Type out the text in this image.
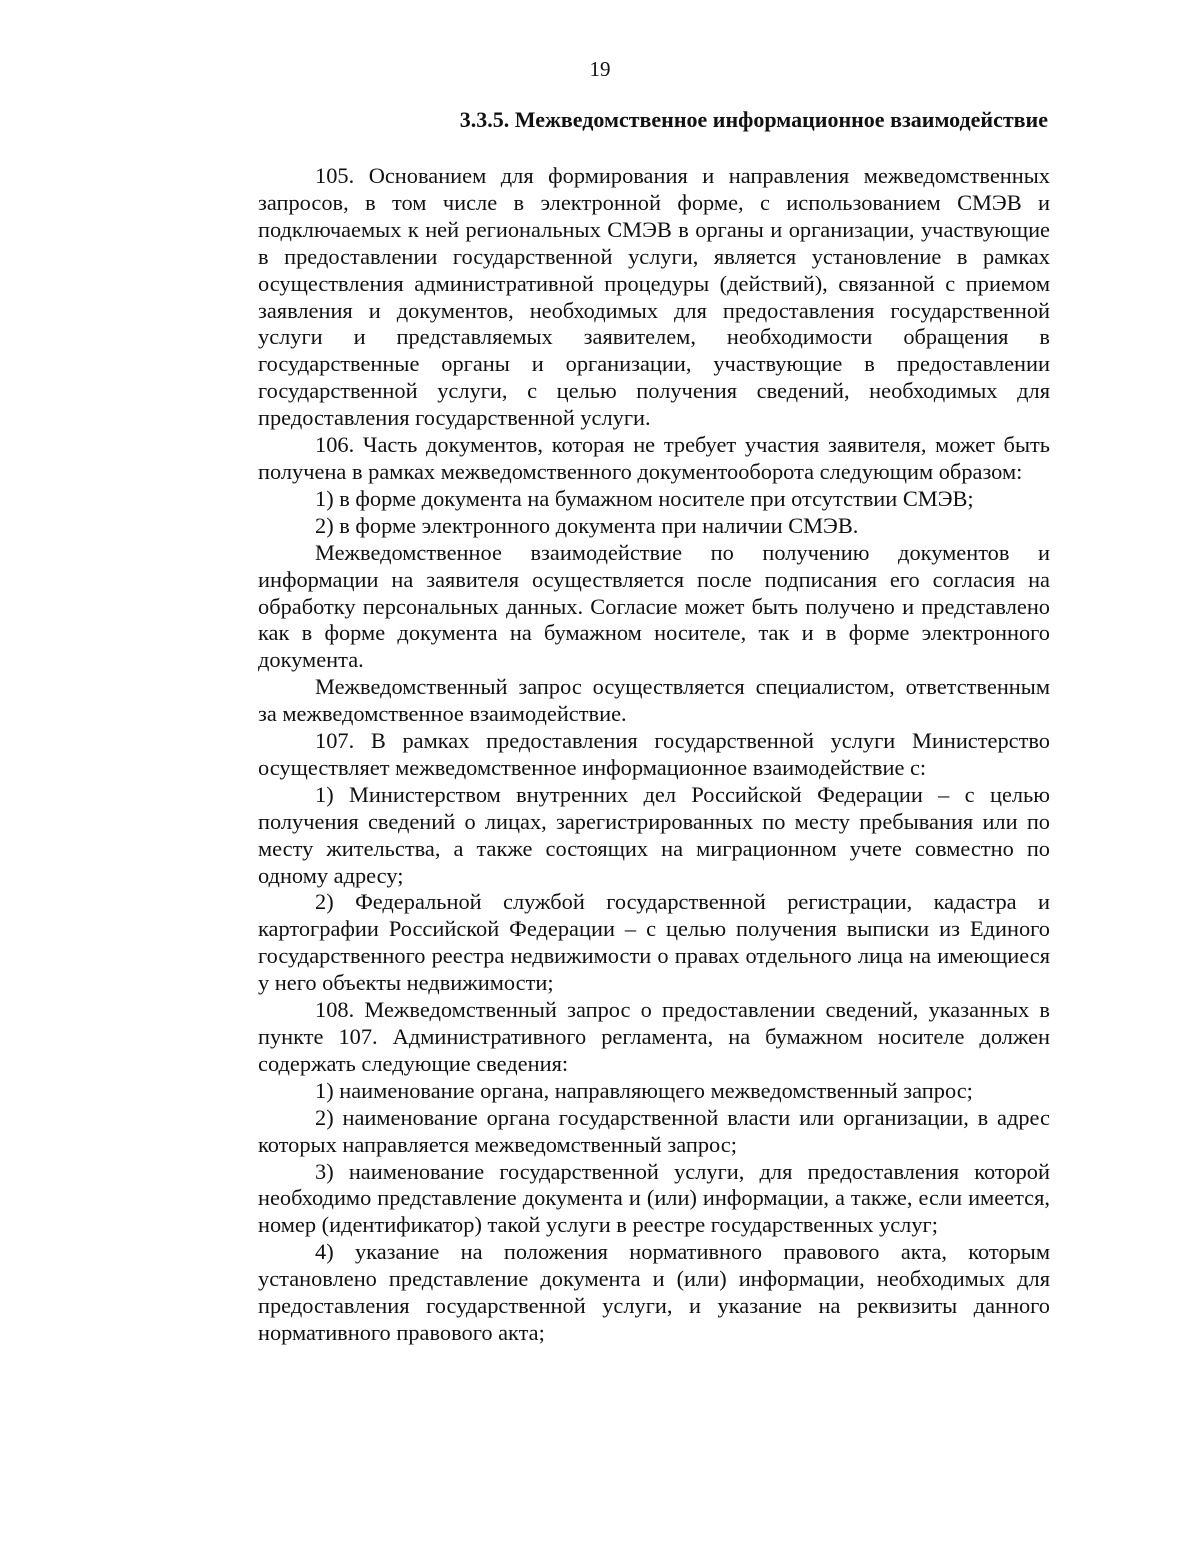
19
3.3.5. Межведомственное информационное взаимодействие

105. Основанием для формирования и направления межведомственных запросов, в том числе в электронной форме, с использованием СМЭВ и подключаемых к ней региональных СМЭВ в органы и организации, участвующие в предоставлении государственной услуги, является установление в рамках осуществления административной процедуры (действий), связанной с приемом заявления и документов, необходимых для предоставления государственной услуги и представляемых заявителем, необходимости обращения в государственные органы и организации, участвующие в предоставлении государственной услуги, с целью получения сведений, необходимых для предоставления государственной услуги.

106. Часть документов, которая не требует участия заявителя, может быть получена в рамках межведомственного документооборота следующим образом:

1) в форме документа на бумажном носителе при отсутствии СМЭВ;

2) в форме электронного документа при наличии СМЭВ.

Межведомственное взаимодействие по получению документов и информации на заявителя осуществляется после подписания его согласия на обработку персональных данных. Согласие может быть получено и представлено как в форме документа на бумажном носителе, так и в форме электронного документа.

Межведомственный запрос осуществляется специалистом, ответственным за межведомственное взаимодействие.

107. В рамках предоставления государственной услуги Министерство осуществляет межведомственное информационное взаимодействие с:

1) Министерством внутренних дел Российской Федерации – с целью получения сведений о лицах, зарегистрированных по месту пребывания или по месту жительства, а также состоящих на миграционном учете совместно по одному адресу;

2) Федеральной службой государственной регистрации, кадастра и картографии Российской Федерации – с целью получения выписки из Единого государственного реестра недвижимости о правах отдельного лица на имеющиеся у него объекты недвижимости;

108. Межведомственный запрос о предоставлении сведений, указанных в пункте 107. Административного регламента, на бумажном носителе должен содержать следующие сведения:

1) наименование органа, направляющего межведомственный запрос;

2) наименование органа государственной власти или организации, в адрес которых направляется межведомственный запрос;

3) наименование государственной услуги, для предоставления которой необходимо представление документа и (или) информации, а также, если имеется, номер (идентификатор) такой услуги в реестре государственных услуг;

4) указание на положения нормативного правового акта, которым установлено представление документа и (или) информации, необходимых для предоставления государственной услуги, и указание на реквизиты данного нормативного правового акта;
